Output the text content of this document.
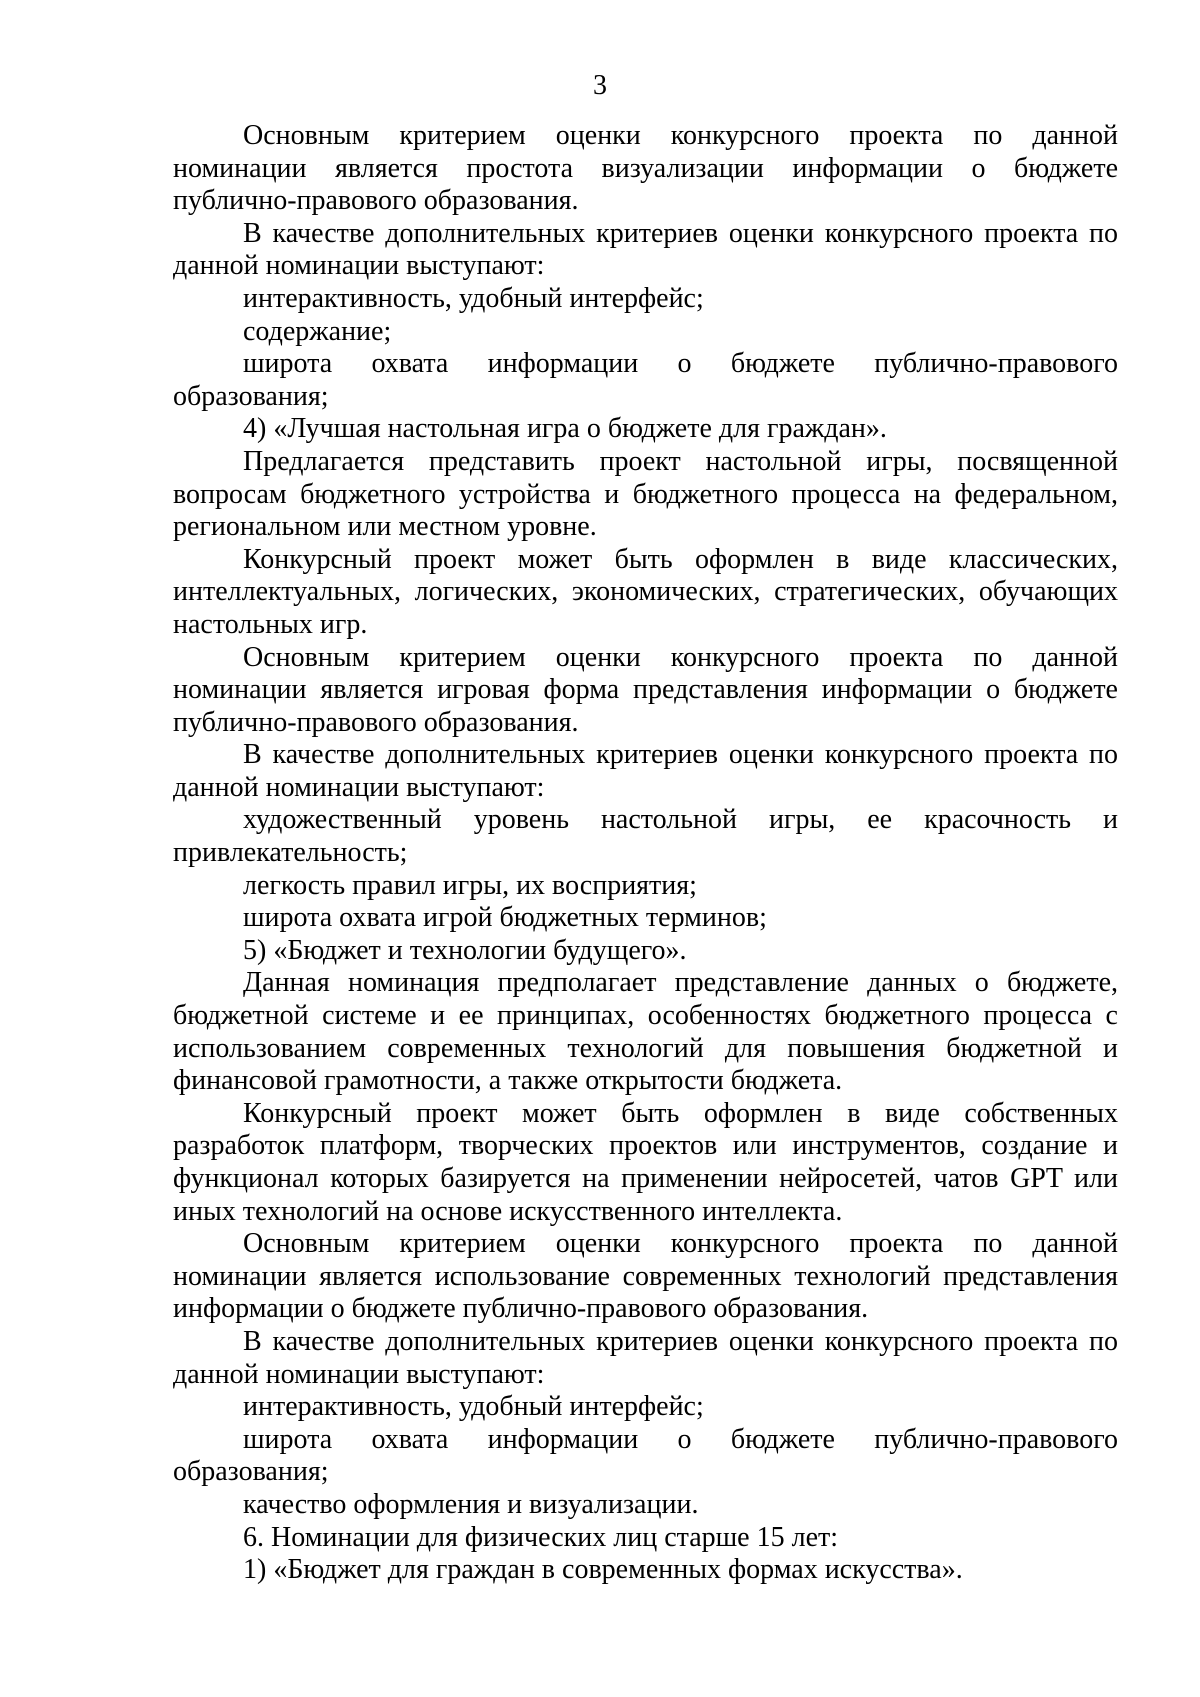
3

Основным критерием оценки конкурсного проекта по данной номинации является простота визуализации информации о бюджете публично-правового образования.

В качестве дополнительных критериев оценки конкурсного проекта по данной номинации выступают:

интерактивность, удобный интерфейс;

содержание;

широта охвата информации о бюджете публично-правового образования;

4) «Лучшая настольная игра о бюджете для граждан».

Предлагается представить проект настольной игры, посвященной вопросам бюджетного устройства и бюджетного процесса на федеральном, региональном или местном уровне.

Конкурсный проект может быть оформлен в виде классических, интеллектуальных, логических, экономических, стратегических, обучающих настольных игр.

Основным критерием оценки конкурсного проекта по данной номинации является игровая форма представления информации о бюджете публично-правового образования.

В качестве дополнительных критериев оценки конкурсного проекта по данной номинации выступают:

художественный уровень настольной игры, ее красочность и привлекательность;

легкость правил игры, их восприятия;

широта охвата игрой бюджетных терминов;

5) «Бюджет и технологии будущего».

Данная номинация предполагает представление данных о бюджете, бюджетной системе и ее принципах, особенностях бюджетного процесса с использованием современных технологий для повышения бюджетной и финансовой грамотности, а также открытости бюджета.

Конкурсный проект может быть оформлен в виде собственных разработок платформ, творческих проектов или инструментов, создание и функционал которых базируется на применении нейросетей, чатов GPT или иных технологий на основе искусственного интеллекта.

Основным критерием оценки конкурсного проекта по данной номинации является использование современных технологий представления информации о бюджете публично-правового образования.

В качестве дополнительных критериев оценки конкурсного проекта по данной номинации выступают:

интерактивность, удобный интерфейс;

широта охвата информации о бюджете публично-правового образования;

качество оформления и визуализации.

6. Номинации для физических лиц старше 15 лет:

1) «Бюджет для граждан в современных формах искусства».
